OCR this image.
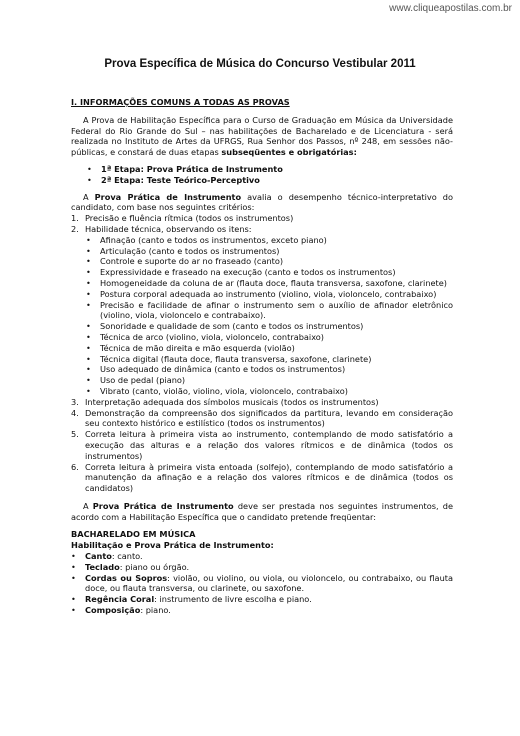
www.cliqueapostilas.com.br
Prova Específica de Música do Concurso Vestibular 2011

I. INFORMAÇÕES COMUNS A TODAS AS PROVAS

A Prova de Habilitação Específica para o Curso de Graduação em Música da Universidade Federal do Rio Grande do Sul – nas habilitações de Bacharelado e de Licenciatura - será realizada no Instituto de Artes da UFRGS, Rua Senhor dos Passos, nº 248, em sessões não-públicas, e constará de duas etapas subseqüentes e obrigatórias:

• 1ª Etapa: Prova Prática de Instrumento
• 2ª Etapa: Teste Teórico-Perceptivo

A Prova Prática de Instrumento avalia o desempenho técnico-interpretativo do candidato, com base nos seguintes critérios:

1. Precisão e fluência rítmica (todos os instrumentos)
2. Habilidade técnica, observando os itens:
• Afinação (canto e todos os instrumentos, exceto piano)
• Articulação (canto e todos os instrumentos)
• Controle e suporte do ar no fraseado (canto)
• Expressividade e fraseado na execução (canto e todos os instrumentos)
• Homogeneidade da coluna de ar (flauta doce, flauta transversa, saxofone, clarinete)
• Postura corporal adequada ao instrumento (violino, viola, violoncelo, contrabaixo)
• Precisão e facilidade de afinar o instrumento sem o auxílio de afinador eletrônico (violino, viola, violoncelo e contrabaixo).
• Sonoridade e qualidade de som (canto e todos os instrumentos)
• Técnica de arco (violino, viola, violoncelo, contrabaixo)
• Técnica de mão direita e mão esquerda (violão)
• Técnica digital (flauta doce, flauta transversa, saxofone, clarinete)
• Uso adequado de dinâmica (canto e todos os instrumentos)
• Uso de pedal (piano)
• Vibrato (canto, violão, violino, viola, violoncelo, contrabaixo)
3. Interpretação adequada dos símbolos musicais (todos os instrumentos)
4. Demonstração da compreensão dos significados da partitura, levando em consideração seu contexto histórico e estilístico (todos os instrumentos)
5. Correta leitura à primeira vista ao instrumento, contemplando de modo satisfatório a execução das alturas e a relação dos valores rítmicos e de dinâmica (todos os instrumentos)
6. Correta leitura à primeira vista entoada (solfejo), contemplando de modo satisfatório a manutenção da afinação e a relação dos valores rítmicos e de dinâmica (todos os candidatos)

A Prova Prática de Instrumento deve ser prestada nos seguintes instrumentos, de acordo com a Habilitação Específica que o candidato pretende freqüentar:

BACHARELADO EM MÚSICA

Habilitação e Prova Prática de Instrumento:

• Canto: canto.
• Teclado: piano ou órgão.
• Cordas ou Sopros: violão, ou violino, ou viola, ou violoncelo, ou contrabaixo, ou flauta doce, ou flauta transversa, ou clarinete, ou saxofone.
• Regência Coral: instrumento de livre escolha e piano.
• Composição: piano.
